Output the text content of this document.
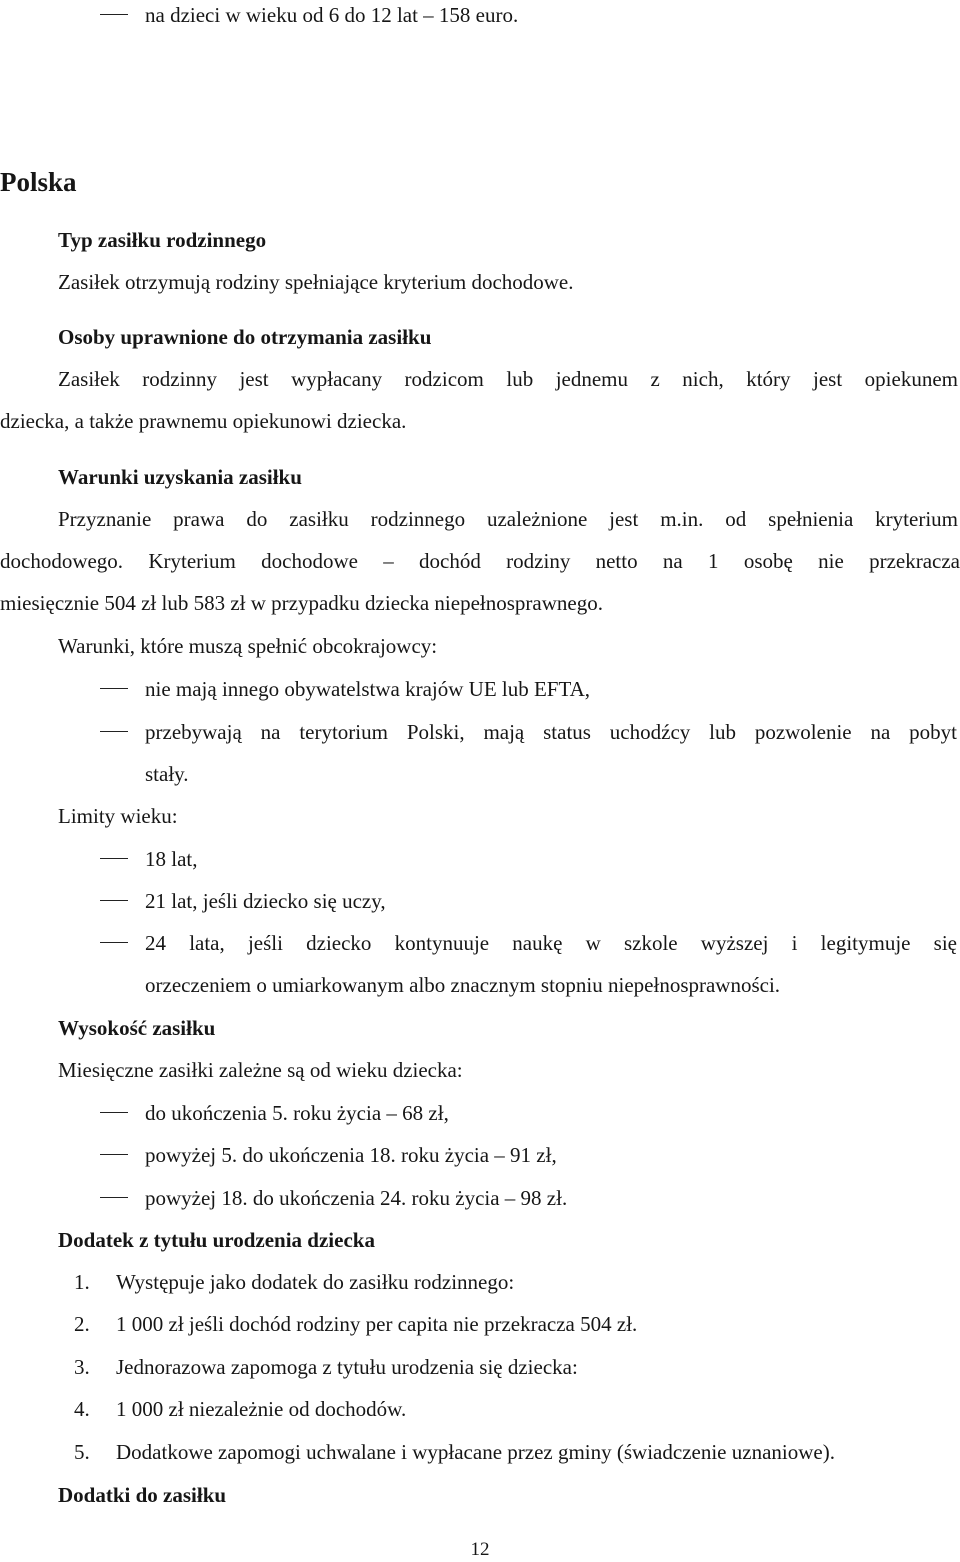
na dzieci w wieku od 6 do 12 lat – 158 euro.
Polska
Typ zasiłku rodzinnego
Zasiłek otrzymują rodziny spełniające kryterium dochodowe.
Osoby uprawnione do otrzymania zasiłku
Zasiłek rodzinny jest wypłacany rodzicom lub jednemu z nich, który jest opiekunem
dziecka, a także prawnemu opiekunowi dziecka.
Warunki uzyskania zasiłku
Przyznanie prawa do zasiłku rodzinnego uzależnione jest m.in. od spełnienia kryterium
dochodowego. Kryterium dochodowe – dochód rodziny netto na 1 osobę nie przekracza
miesięcznie 504 zł lub 583 zł w przypadku dziecka niepełnosprawnego.
Warunki, które muszą spełnić obcokrajowcy:
nie mają innego obywatelstwa krajów UE lub EFTA,
przebywają na terytorium Polski, mają status uchodźcy lub pozwolenie na pobyt
stały.
Limity wieku:
18 lat,
21 lat, jeśli dziecko się uczy,
24 lata, jeśli dziecko kontynuuje naukę w szkole wyższej i legitymuje się
orzeczeniem o umiarkowanym albo znacznym stopniu niepełnosprawności.
Wysokość zasiłku
Miesięczne zasiłki zależne są od wieku dziecka:
do ukończenia 5. roku życia – 68 zł,
powyżej 5. do ukończenia 18. roku życia – 91 zł,
powyżej 18. do ukończenia 24. roku życia – 98 zł.
Dodatek z tytułu urodzenia dziecka
1. Występuje jako dodatek do zasiłku rodzinnego:
2. 1 000 zł jeśli dochód rodziny per capita nie przekracza 504 zł.
3. Jednorazowa zapomoga z tytułu urodzenia się dziecka:
4. 1 000 zł niezależnie od dochodów.
5. Dodatkowe zapomogi uchwalane i wypłacane przez gminy (świadczenie uznaniowe).
Dodatki do zasiłku
12
